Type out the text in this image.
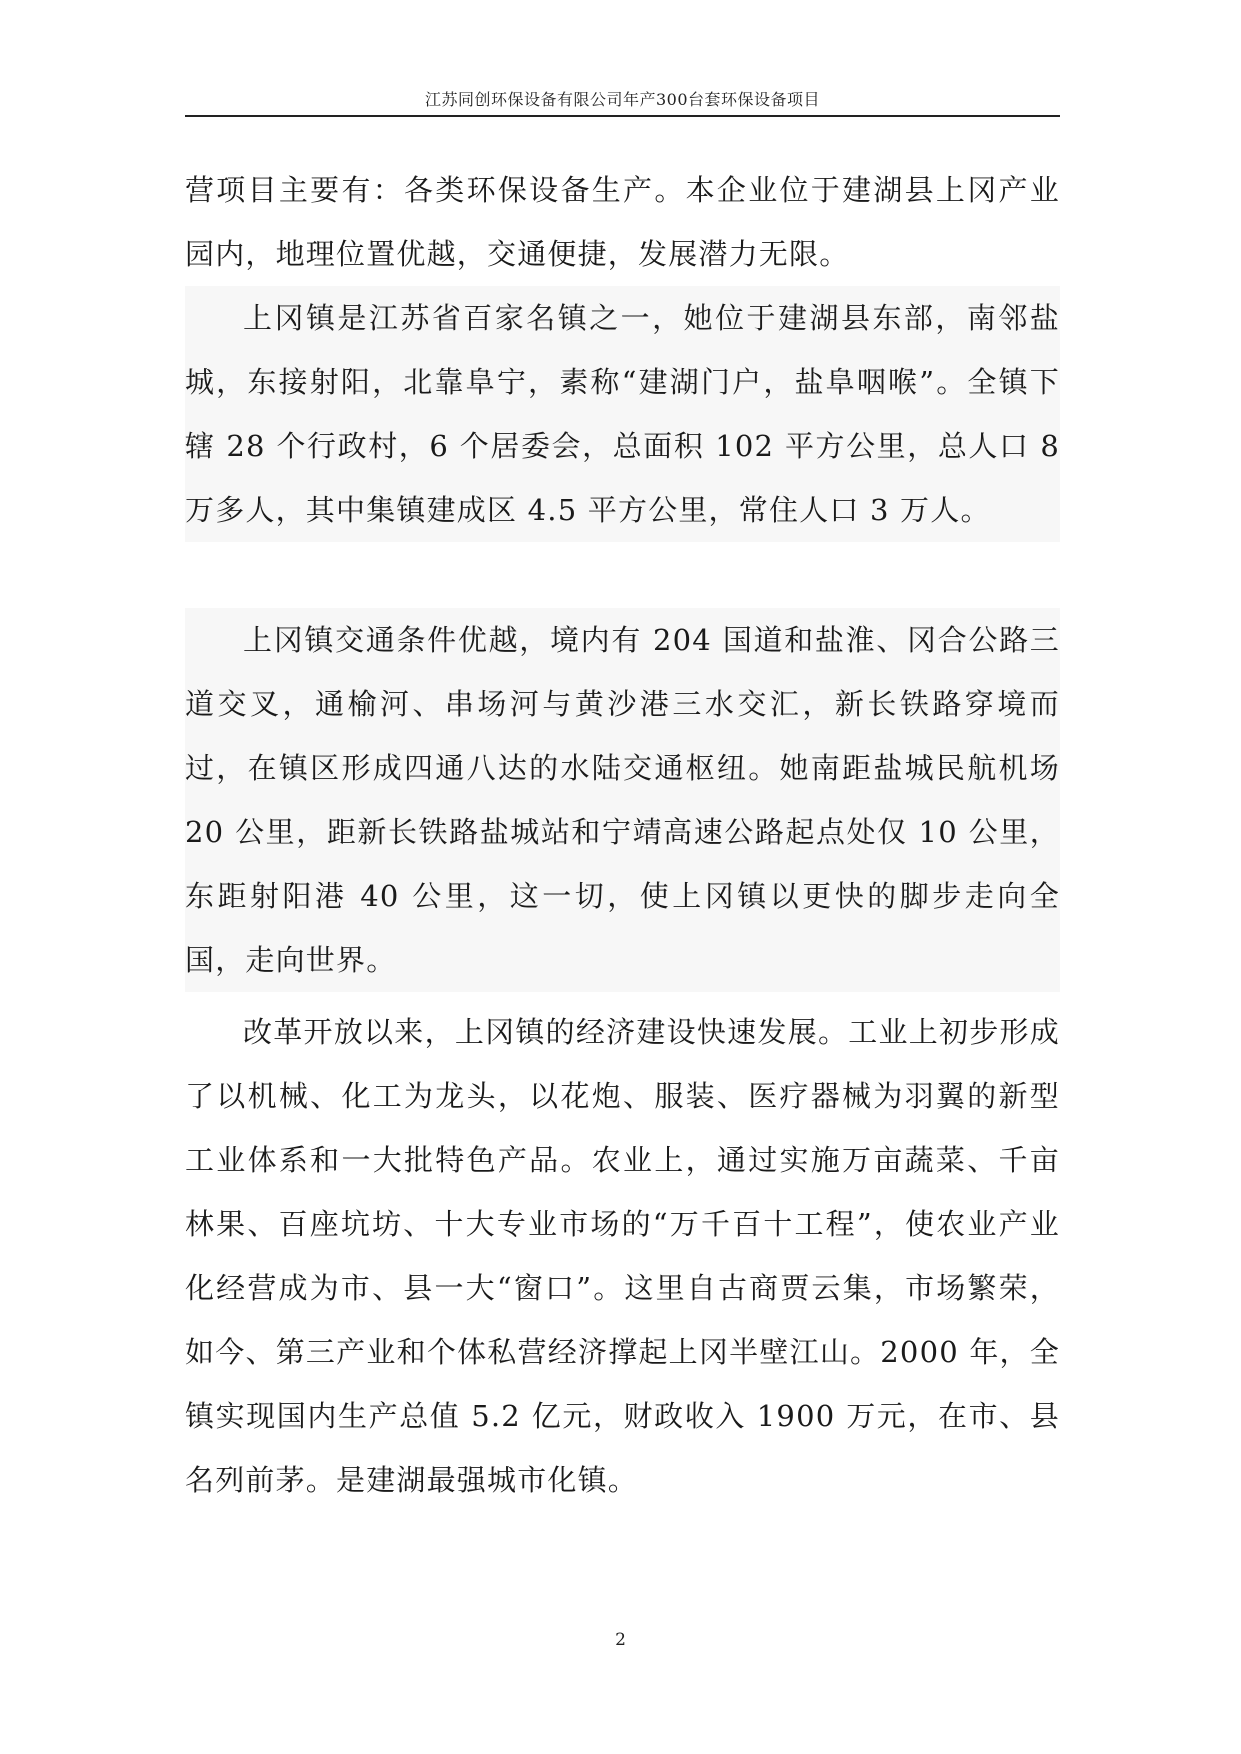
江苏同创环保设备有限公司年产300台套环保设备项目

营项目主要有：各类环保设备生产。本企业位于建湖县上冈产业园内，地理位置优越，交通便捷，发展潜力无限。

上冈镇是江苏省百家名镇之一，她位于建湖县东部，南邻盐城，东接射阳，北靠阜宁，素称“建湖门户，盐阜咽喉”。全镇下辖 28 个行政村，6 个居委会，总面积 102 平方公里，总人口 8 万多人，其中集镇建成区 4.5 平方公里，常住人口 3 万人。

上冈镇交通条件优越，境内有 204 国道和盐淮、冈合公路三道交叉，通榆河、串场河与黄沙港三水交汇，新长铁路穿境而过，在镇区形成四通八达的水陆交通枢纽。她南距盐城民航机场 20 公里，距新长铁路盐城站和宁靖高速公路起点处仅 10 公里，东距射阳港 40 公里，这一切，使上冈镇以更快的脚步走向全国，走向世界。

改革开放以来，上冈镇的经济建设快速发展。工业上初步形成了以机械、化工为龙头，以花炮、服装、医疗器械为羽翼的新型工业体系和一大批特色产品。农业上，通过实施万亩蔬菜、千亩林果、百座坑坊、十大专业市场的“万千百十工程”，使农业产业化经营成为市、县一大“窗口”。这里自古商贾云集，市场繁荣，如今、第三产业和个体私营经济撑起上冈半壁江山。2000 年，全镇实现国内生产总值 5.2 亿元，财政收入 1900 万元，在市、县名列前茅。是建湖最强城市化镇。

2
